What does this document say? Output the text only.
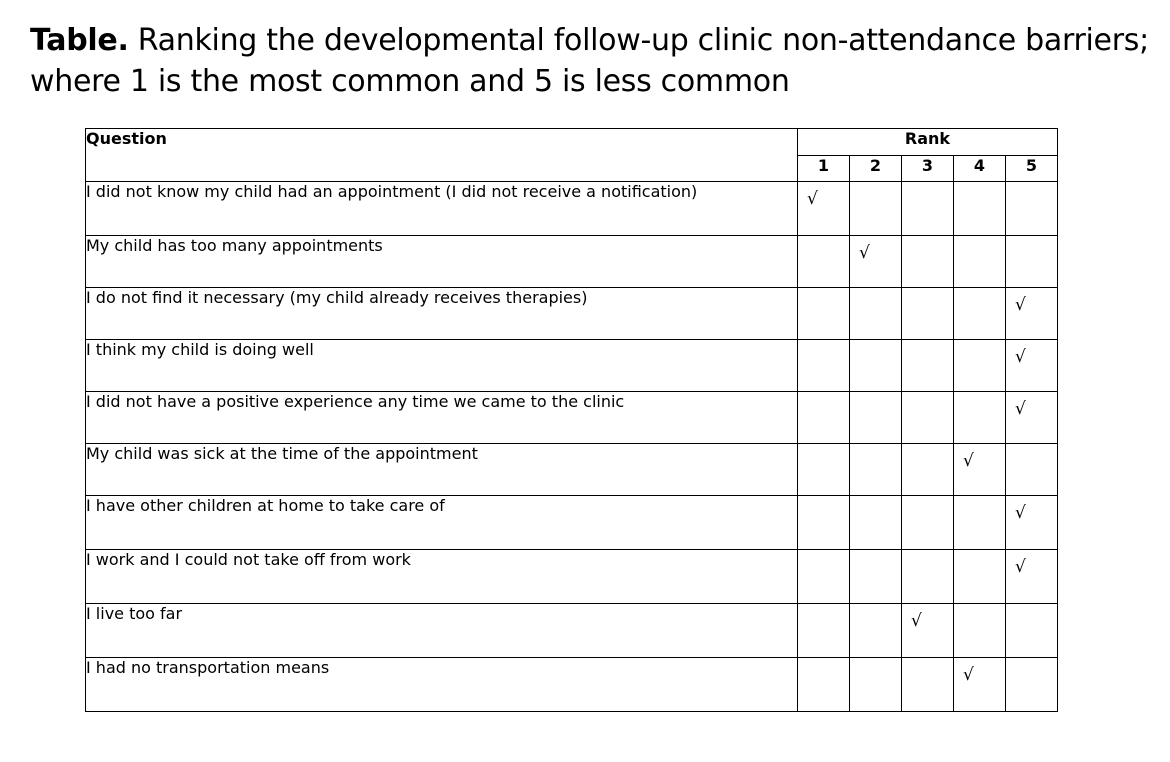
Table. Ranking the developmental follow-up clinic non-attendance barriers; where 1 is the most common and 5 is less common
Question	Rank				
	1	2	3	4	5
I did not know my child had an appointment (I did not receive a notification)	√				
My child has too many appointments		√			
I do not find it necessary (my child already receives therapies)					√
I think my child is doing well					√
I did not have a positive experience any time we came to the clinic					√
My child was sick at the time of the appointment				√	
I have other children at home to take care of					√
I work and I could not take off from work					√
I live too far			√		
I had no transportation means				√	
